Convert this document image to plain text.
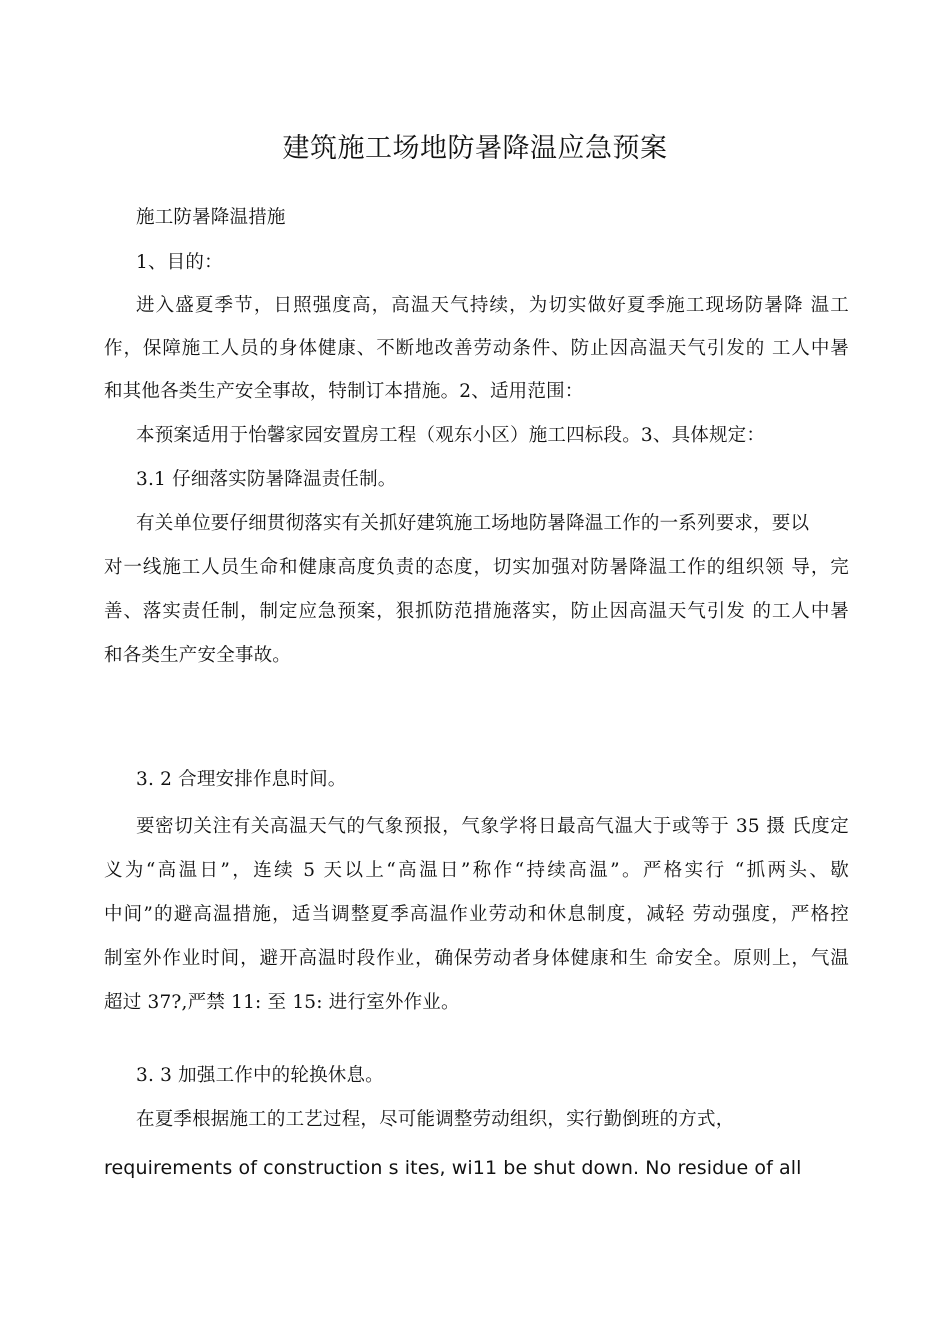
建筑施工场地防暑降温应急预案
施工防暑降温措施
1、目的：
进入盛夏季节，日照强度高，高温天气持续，为切实做好夏季施工现场防暑降 温工
作，保障施工人员的身体健康、不断地改善劳动条件、防止因高温天气引发的 工人中暑
和其他各类生产安全事故，特制订本措施。2、适用范围：
本预案适用于怡馨家园安置房工程（观东小区）施工四标段。3、具体规定：
3.1 仔细落实防暑降温责任制。
有关单位要仔细贯彻落实有关抓好建筑施工场地防暑降温工作的一系列要求，要以
对一线施工人员生命和健康高度负责的态度，切实加强对防暑降温工作的组织领 导，完
善、落实责任制，制定应急预案，狠抓防范措施落实，防止因高温天气引发 的工人中暑
和各类生产安全事故。
3. 2 合理安排作息时间。
要密切关注有关高温天气的气象预报，气象学将日最高气温大于或等于 35 摄 氏度定
义为“高温日”，连续 5 天以上“高温日”称作“持续高温”。严格实行 “抓两头、歇
中间”的避高温措施，适当调整夏季高温作业劳动和休息制度，减轻 劳动强度，严格控
制室外作业时间，避开高温时段作业，确保劳动者身体健康和生 命安全。原则上，气温
超过 37?,严禁 11: 至 15: 进行室外作业。
3. 3 加强工作中的轮换休息。
在夏季根据施工的工艺过程，尽可能调整劳动组织，实行勤倒班的方式，
requirements of construction s ites, wi11 be shut down. No residue of all
